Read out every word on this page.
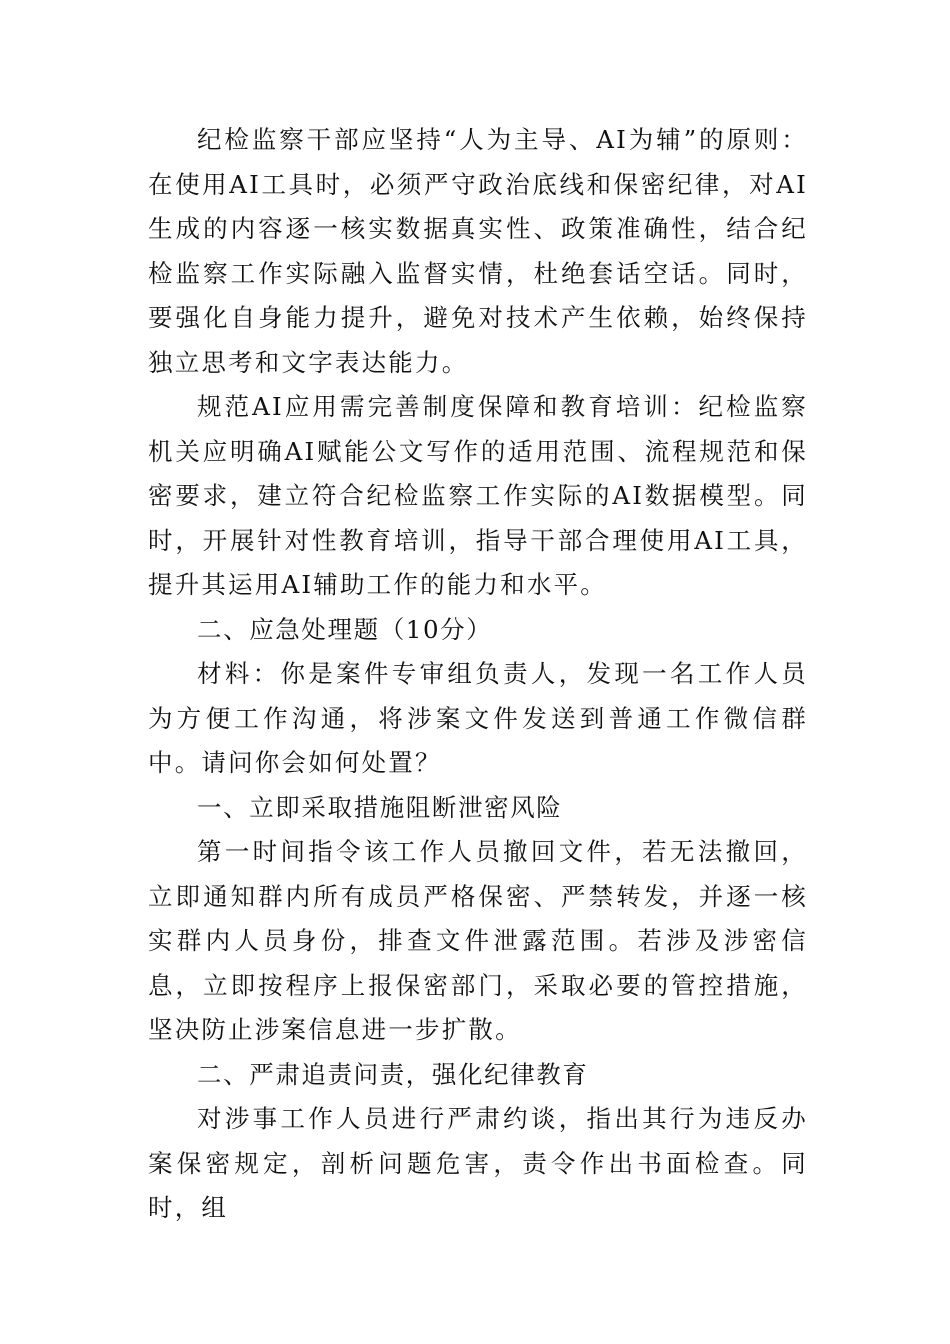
纪检监察干部应坚持“人为主导、AI为辅”的原则：在使用AI工具时，必须严守政治底线和保密纪律，对AI生成的内容逐一核实数据真实性、政策准确性，结合纪检监察工作实际融入监督实情，杜绝套话空话。同时，要强化自身能力提升，避免对技术产生依赖，始终保持独立思考和文字表达能力。

规范AI应用需完善制度保障和教育培训：纪检监察机关应明确AI赋能公文写作的适用范围、流程规范和保密要求，建立符合纪检监察工作实际的AI数据模型。同时，开展针对性教育培训，指导干部合理使用AI工具，提升其运用AI辅助工作的能力和水平。

二、应急处理题（10分）

材料：你是案件专审组负责人，发现一名工作人员为方便工作沟通，将涉案文件发送到普通工作微信群中。请问你会如何处置？

一、立即采取措施阻断泄密风险

第一时间指令该工作人员撤回文件，若无法撤回，立即通知群内所有成员严格保密、严禁转发，并逐一核实群内人员身份，排查文件泄露范围。若涉及涉密信息，立即按程序上报保密部门，采取必要的管控措施，坚决防止涉案信息进一步扩散。

二、严肃追责问责，强化纪律教育

对涉事工作人员进行严肃约谈，指出其行为违反办案保密规定，剖析问题危害，责令作出书面检查。同时，组
